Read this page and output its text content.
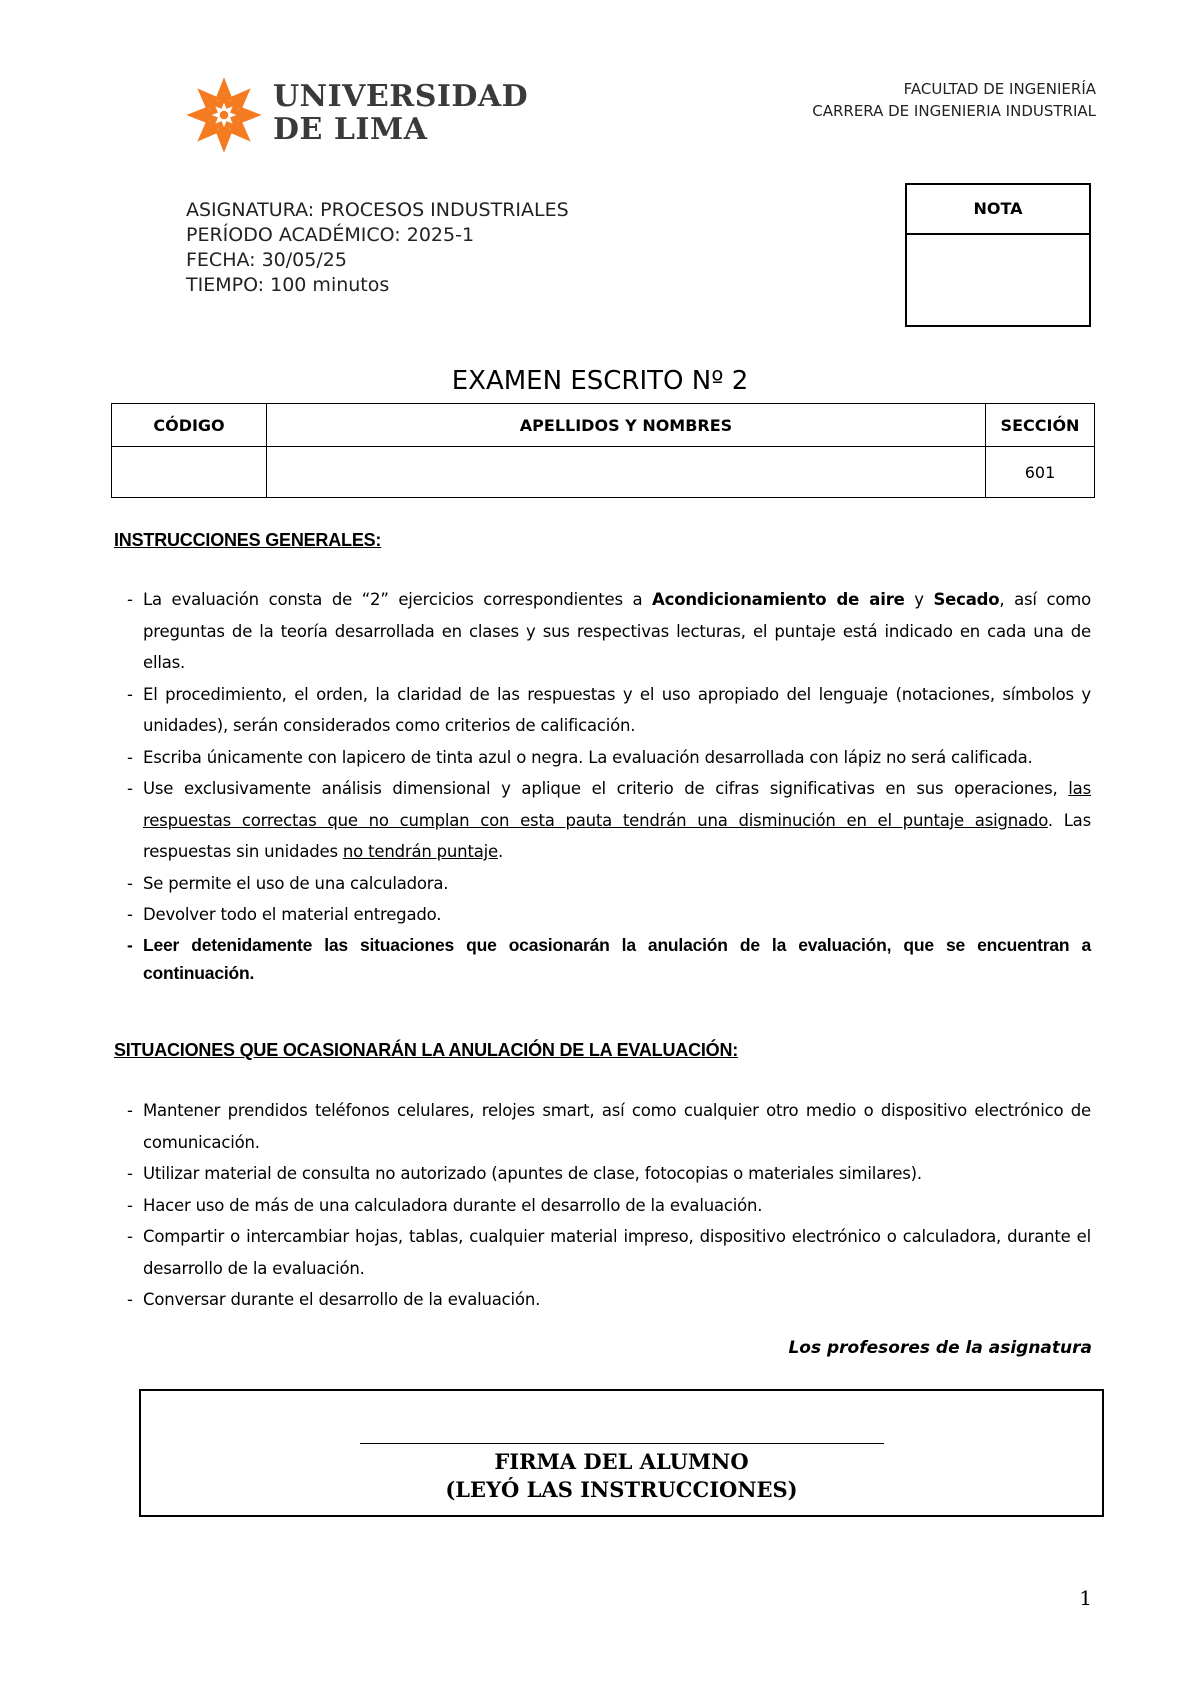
UNIVERSIDAD
DE LIMA
FACULTAD DE INGENIERÍA
CARRERA DE INGENIERIA INDUSTRIAL
ASIGNATURA: PROCESOS INDUSTRIALES
PERÍODO ACADÉMICO: 2025-1
FECHA: 30/05/25
TIEMPO: 100 minutos
NOTA
EXAMEN ESCRITO Nº 2
CÓDIGO	APELLIDOS Y NOMBRES	SECCIÓN
		601
INSTRUCCIONES GENERALES:
- La evaluación consta de “2” ejercicios correspondientes a Acondicionamiento de aire y Secado, así como preguntas de la teoría desarrollada en clases y sus respectivas lecturas, el puntaje está indicado en cada una de ellas.
- El procedimiento, el orden, la claridad de las respuestas y el uso apropiado del lenguaje (notaciones, símbolos y unidades), serán considerados como criterios de calificación.
- Escriba únicamente con lapicero de tinta azul o negra. La evaluación desarrollada con lápiz no será calificada.
- Use exclusivamente análisis dimensional y aplique el criterio de cifras significativas en sus operaciones, las respuestas correctas que no cumplan con esta pauta tendrán una disminución en el puntaje asignado. Las respuestas sin unidades no tendrán puntaje.
- Se permite el uso de una calculadora.
- Devolver todo el material entregado.
- Leer detenidamente las situaciones que ocasionarán la anulación de la evaluación, que se encuentran a continuación.
SITUACIONES QUE OCASIONARÁN LA ANULACIÓN DE LA EVALUACIÓN:
- Mantener prendidos teléfonos celulares, relojes smart, así como cualquier otro medio o dispositivo electrónico de comunicación.
- Utilizar material de consulta no autorizado (apuntes de clase, fotocopias o materiales similares).
- Hacer uso de más de una calculadora durante el desarrollo de la evaluación.
- Compartir o intercambiar hojas, tablas, cualquier material impreso, dispositivo electrónico o calculadora, durante el desarrollo de la evaluación.
- Conversar durante el desarrollo de la evaluación.
Los profesores de la asignatura
FIRMA DEL ALUMNO
(LEYÓ LAS INSTRUCCIONES)
1
